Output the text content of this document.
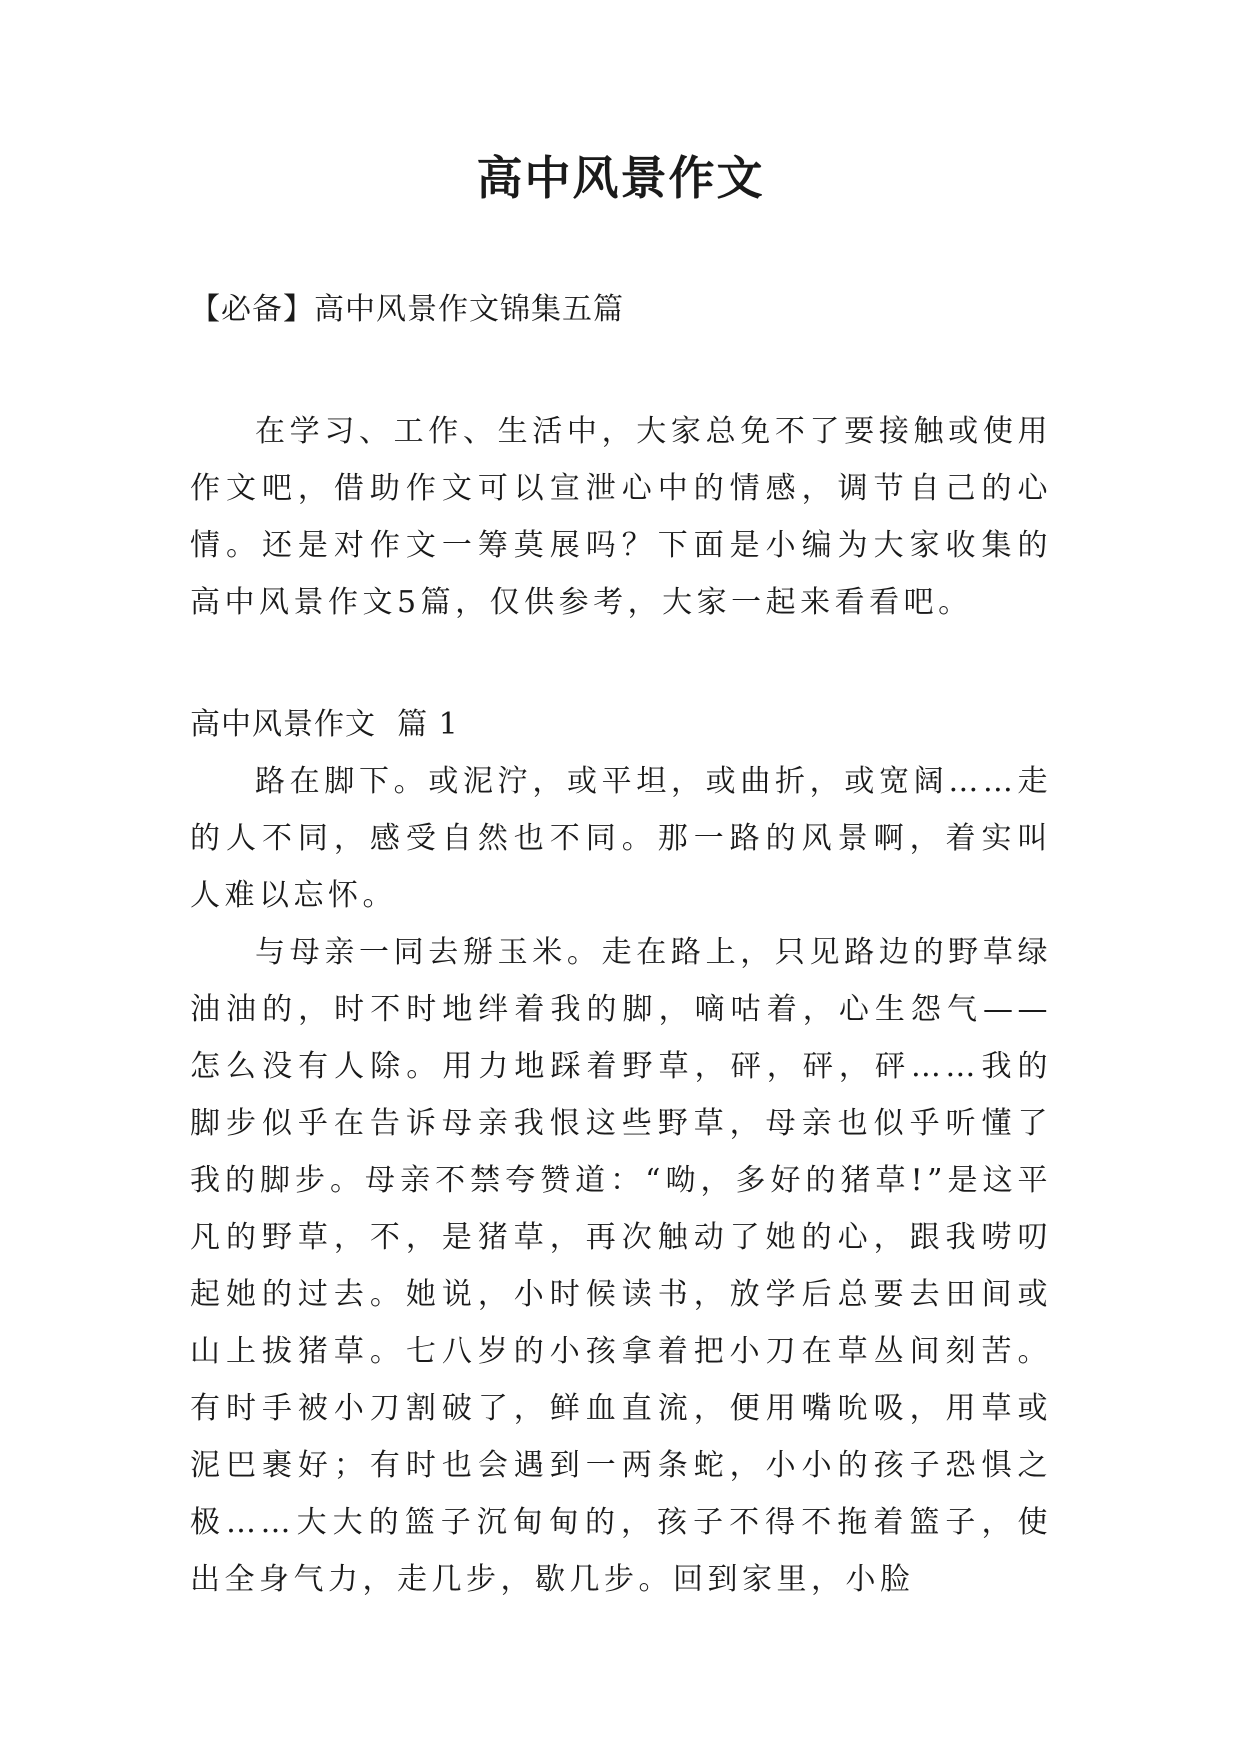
高中风景作文

【必备】高中风景作文锦集五篇

在学习、工作、生活中，大家总免不了要接触或使用作文吧，借助作文可以宣泄心中的情感，调节自己的心情。还是对作文一筹莫展吗？下面是小编为大家收集的高中风景作文5篇，仅供参考，大家一起来看看吧。

高中风景作文  篇 1

路在脚下。或泥泞，或平坦，或曲折，或宽阔……走的人不同，感受自然也不同。那一路的风景啊，着实叫人难以忘怀。

与母亲一同去掰玉米。走在路上，只见路边的野草绿油油的，时不时地绊着我的脚，嘀咕着，心生怨气——怎么没有人除。用力地踩着野草，砰，砰，砰……我的脚步似乎在告诉母亲我恨这些野草，母亲也似乎听懂了我的脚步。母亲不禁夸赞道：“呦，多好的猪草!”是这平凡的野草，不，是猪草，再次触动了她的心，跟我唠叨起她的过去。她说，小时候读书，放学后总要去田间或山上拔猪草。七八岁的小孩拿着把小刀在草丛间刻苦。有时手被小刀割破了，鲜血直流，便用嘴吮吸，用草或泥巴裹好；有时也会遇到一两条蛇，小小的孩子恐惧之极……大大的篮子沉甸甸的，孩子不得不拖着篮子，使出全身气力，走几步，歇几步。回到家里，小脸
